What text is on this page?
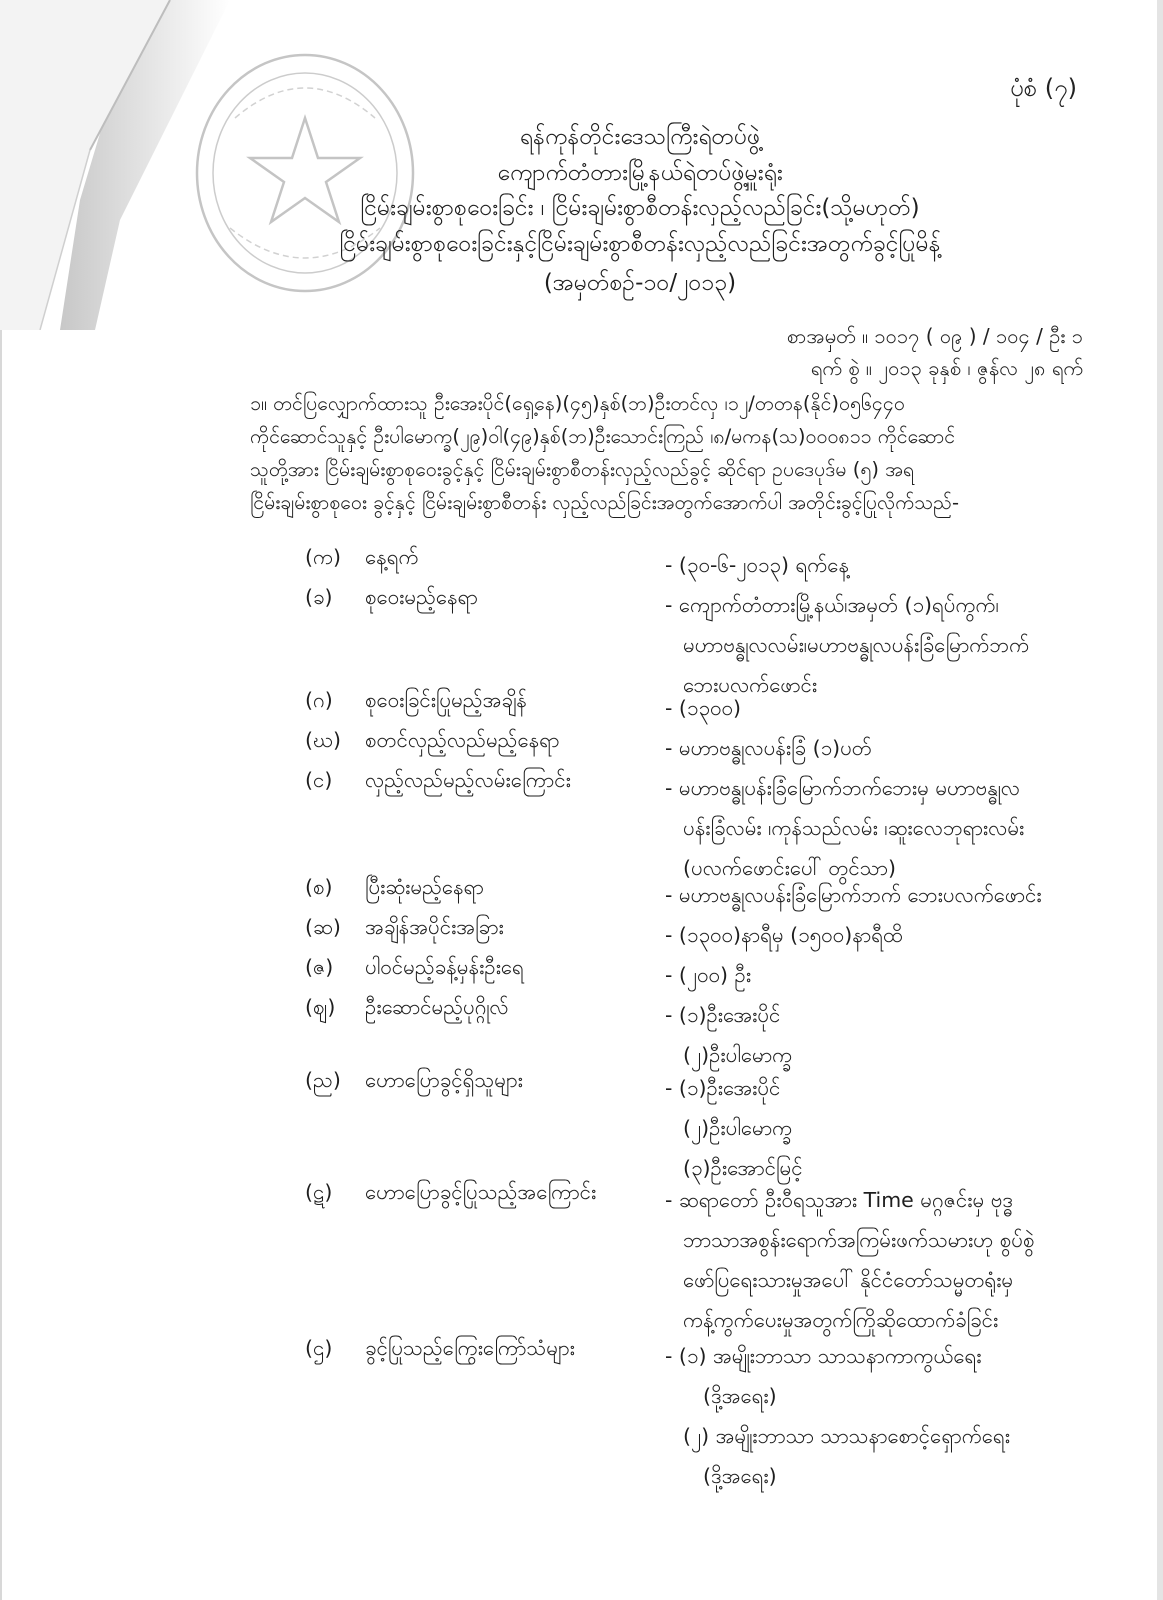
ပုံစံ (၇)
ရန်ကုန်တိုင်းဒေသကြီးရဲတပ်ဖွဲ့
ကျောက်တံတားမြို့နယ်ရဲတပ်ဖွဲ့မှူးရုံး
ငြိမ်းချမ်းစွာစုဝေးခြင်း ၊ ငြိမ်းချမ်းစွာစီတန်းလှည့်လည်ခြင်း(သို့မဟုတ်)
ငြိမ်းချမ်းစွာစုဝေးခြင်းနှင့်ငြိမ်းချမ်းစွာစီတန်းလှည့်လည်ခြင်းအတွက်ခွင့်ပြုမိန့်
(အမှတ်စဉ်-၁၀/၂၀၁၃)
စာအမှတ် ။ ၁၀၁၇ ( ၀၉ ) / ၁၀၄ / ဦး ၁
ရက် စွဲ ။ ၂၀၁၃ ခုနှစ် ၊ ဇွန်လ ၂၈ ရက်
၁။ တင်ပြလျှောက်ထားသူ ဦးအေးပိုင်(ရှေ့နေ)(၄၅)နှစ်(ဘ)ဦးတင်လှ ၊၁၂/တတန(နိုင်)၀၅၆၄၄၀
ကိုင်ဆောင်သူနှင့် ဦးပါမောက္ခ(၂၉)ဝါ(၄၉)နှစ်(ဘ)ဦးသောင်းကြည် ၊၈/မကန(သ)၀၀၀၈၁၁ ကိုင်ဆောင်
သူတို့အား ငြိမ်းချမ်းစွာစုဝေးခွင့်နှင့် ငြိမ်းချမ်းစွာစီတန်းလှည့်လည်ခွင့် ဆိုင်ရာ ဥပဒေပုဒ်မ (၅) အရ
ငြိမ်းချမ်းစွာစုဝေး ခွင့်နှင့် ငြိမ်းချမ်းစွာစီတန်း လှည့်လည်ခြင်းအတွက်အောက်ပါ အတိုင်းခွင့်ပြုလိုက်သည်-
(က) နေ့ရက်	- (၃၀-၆-၂၀၁၃) ရက်နေ့
(ခ) စုဝေးမည့်နေရာ	- ကျောက်တံတားမြို့နယ်၊အမှတ် (၁)ရပ်ကွက်၊
မဟာဗန္ဓုလလမ်း၊မဟာဗန္ဓုလပန်းခြံမြောက်ဘက်
ဘေးပလက်ဖောင်း
(ဂ) စုဝေးခြင်းပြုမည့်အချိန်	- (၁၃၀၀)
(ဃ) စတင်လှည့်လည်မည့်နေရာ	- မဟာဗန္ဓုလပန်းခြံ (၁)ပတ်
(င) လှည့်လည်မည့်လမ်းကြောင်း	- မဟာဗန္ဓုပန်းခြံမြောက်ဘက်ဘေးမှ မဟာဗန္ဓုလ
ပန်းခြံလမ်း ၊ကုန်သည်လမ်း ၊ဆူးလေဘုရားလမ်း
(ပလက်ဖောင်းပေါ် တွင်သာ)
(စ) ပြီးဆုံးမည့်နေရာ	- မဟာဗန္ဓုလပန်းခြံမြောက်ဘက် ဘေးပလက်ဖောင်း
(ဆ) အချိန်အပိုင်းအခြား	- (၁၃၀၀)နာရီမှ (၁၅၀၀)နာရီထိ
(ဇ) ပါဝင်မည့်ခန့်မှန်းဦးရေ	- (၂၀၀) ဦး
(ဈ) ဦးဆောင်မည့်ပုဂ္ဂိုလ်	- (၁)ဦးအေးပိုင်
(၂)ဦးပါမောက္ခ
(ည) ဟောပြောခွင့်ရှိသူများ	- (၁)ဦးအေးပိုင်
(၂)ဦးပါမောက္ခ
(၃)ဦးအောင်မြင့်
(ဋ) ဟောပြောခွင့်ပြုသည့်အကြောင်း	- ဆရာတော် ဦးဝီရသူအား Time မဂ္ဂဇင်းမှ ဗုဒ္ဓ
ဘာသာအစွန်းရောက်အကြမ်းဖက်သမားဟု စွပ်စွဲ
ဖော်ပြရေးသားမှုအပေါ် နိုင်ငံတော်သမ္မတရုံးမှ
ကန့်ကွက်ပေးမှုအတွက်ကြိုဆိုထောက်ခံခြင်း
(ဌ) ခွင့်ပြုသည့်ကြွေးကြော်သံများ	- (၁) အမျိုးဘာသာ သာသနာကာကွယ်ရေး
(ဒို့အရေး)
(၂) အမျိုးဘာသာ သာသနာစောင့်ရှောက်ရေး
(ဒို့အရေး)
